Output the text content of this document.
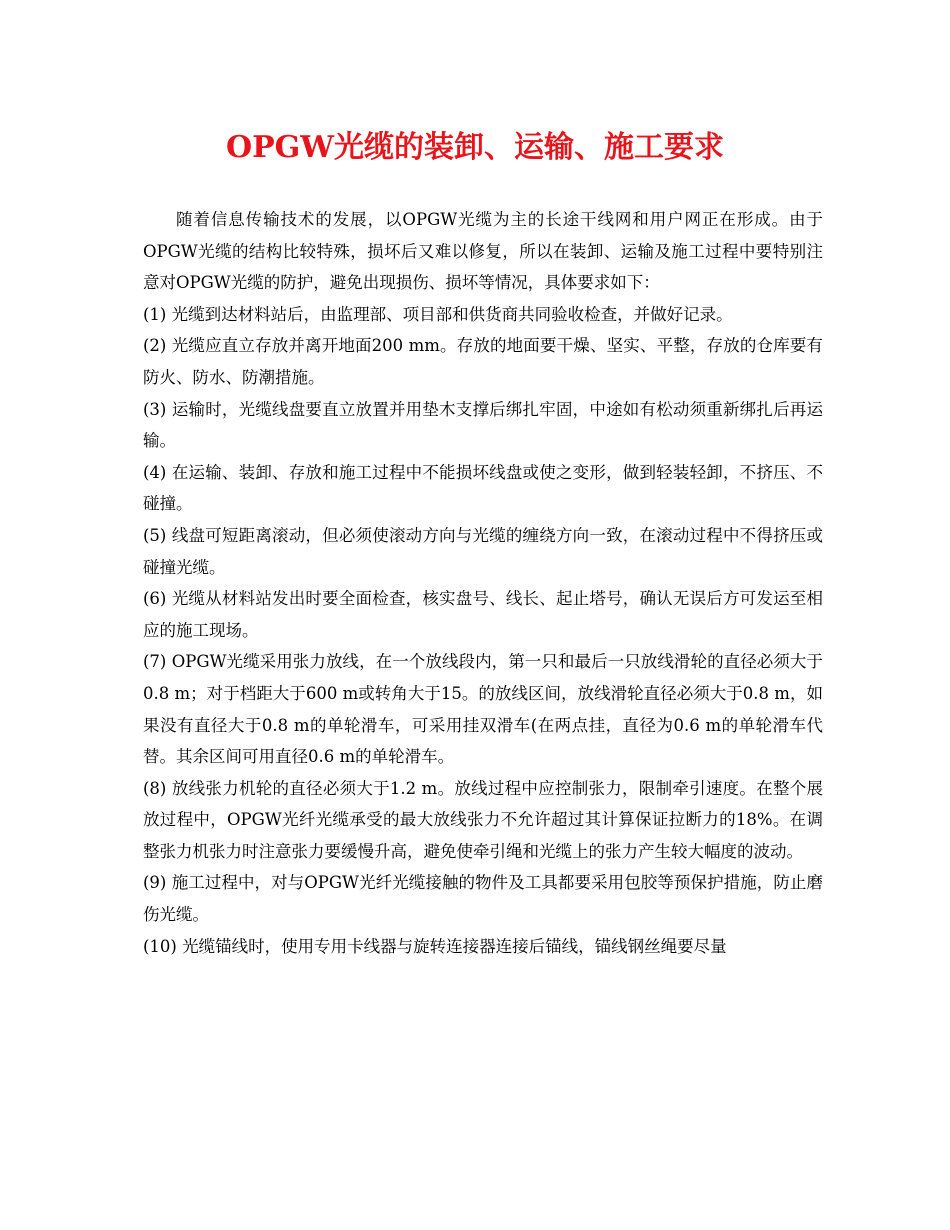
OPGW光缆的装卸、运输、施工要求

随着信息传输技术的发展，以OPGW光缆为主的长途干线网和用户网正在形成。由于OPGW光缆的结构比较特殊，损坏后又难以修复，所以在装卸、运输及施工过程中要特别注意对OPGW光缆的防护，避免出现损伤、损坏等情况，具体要求如下：

(1) 光缆到达材料站后，由监理部、项目部和供货商共同验收检查，并做好记录。

(2) 光缆应直立存放并离开地面200 mm。存放的地面要干燥、坚实、平整，存放的仓库要有防火、防水、防潮措施。

(3) 运输时，光缆线盘要直立放置并用垫木支撑后绑扎牢固，中途如有松动须重新绑扎后再运输。

(4) 在运输、装卸、存放和施工过程中不能损坏线盘或使之变形，做到轻装轻卸，不挤压、不碰撞。

(5) 线盘可短距离滚动，但必须使滚动方向与光缆的缠绕方向一致，在滚动过程中不得挤压或碰撞光缆。

(6) 光缆从材料站发出时要全面检查，核实盘号、线长、起止塔号，确认无误后方可发运至相应的施工现场。

(7) OPGW光缆采用张力放线，在一个放线段内，第一只和最后一只放线滑轮的直径必须大于0.8 m；对于档距大于600 m或转角大于15。的放线区间，放线滑轮直径必须大于0.8 m，如果没有直径大于0.8 m的单轮滑车，可采用挂双滑车(在两点挂，直径为0.6 m的单轮滑车代替。其余区间可用直径0.6 m的单轮滑车。

(8) 放线张力机轮的直径必须大于1.2 m。放线过程中应控制张力，限制牵引速度。在整个展放过程中，OPGW光纤光缆承受的最大放线张力不允许超过其计算保证拉断力的18%。在调整张力机张力时注意张力要缓慢升高，避免使牵引绳和光缆上的张力产生较大幅度的波动。

(9) 施工过程中，对与OPGW光纤光缆接触的物件及工具都要采用包胶等预保护措施，防止磨伤光缆。

(10) 光缆锚线时，使用专用卡线器与旋转连接器连接后锚线，锚线钢丝绳要尽量
